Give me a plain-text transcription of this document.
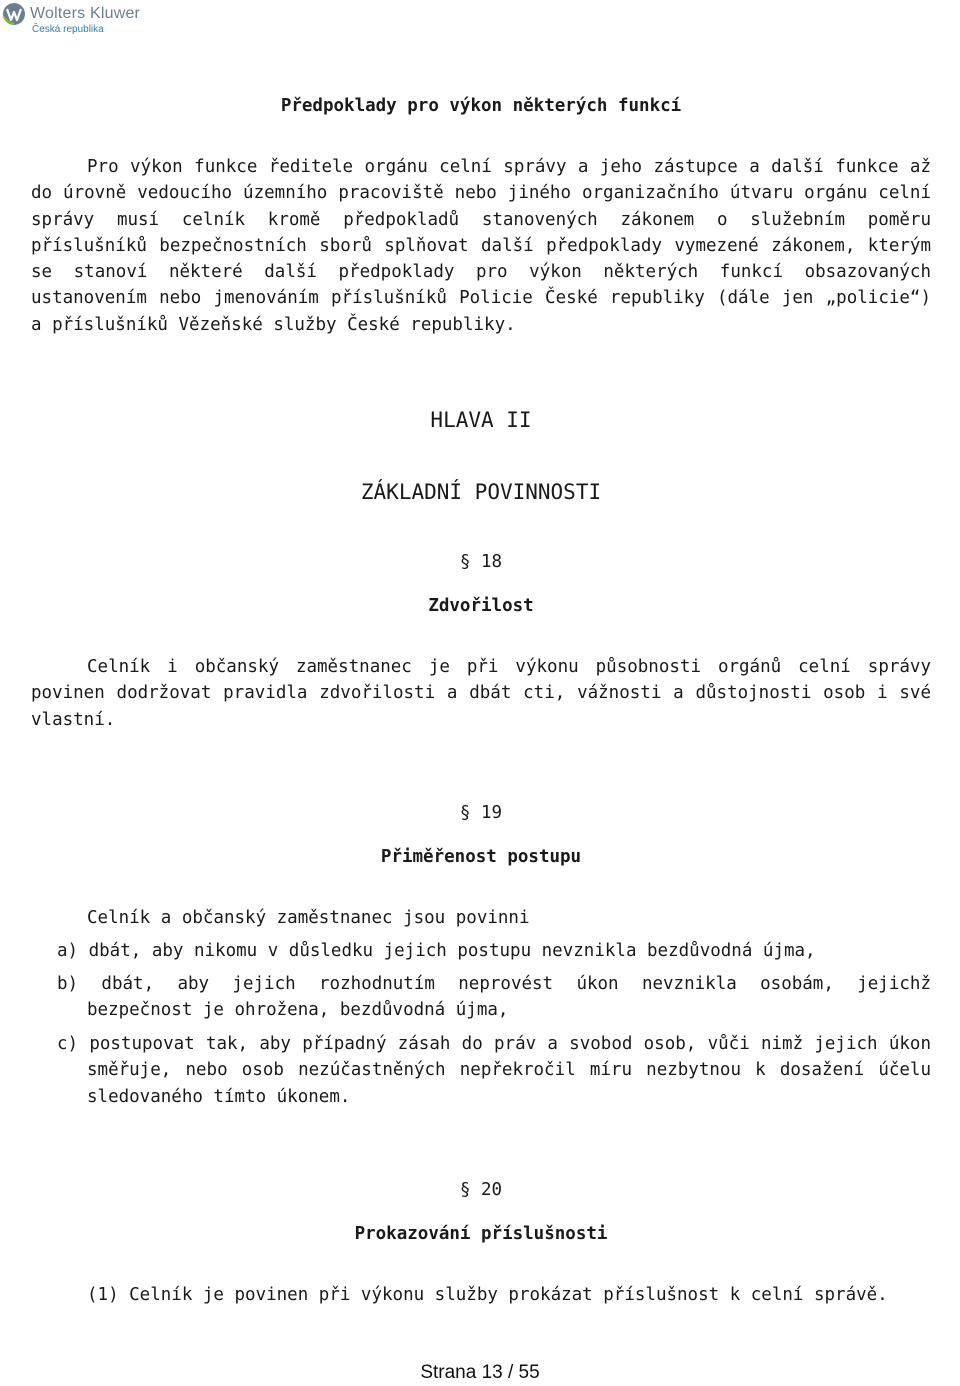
Wolters Kluwer
Česká republika
Předpoklady pro výkon některých funkcí
Pro výkon funkce ředitele orgánu celní správy a jeho zástupce a další funkce až do úrovně vedoucího územního pracoviště nebo jiného organizačního útvaru orgánu celní správy musí celník kromě předpokladů stanovených zákonem o služebním poměru příslušníků bezpečnostních sborů splňovat další předpoklady vymezené zákonem, kterým se stanoví některé další předpoklady pro výkon některých funkcí obsazovaných ustanovením nebo jmenováním příslušníků Policie České republiky (dále jen „policie“) a příslušníků Vězeňské služby České republiky.
HLAVA II
ZÁKLADNÍ POVINNOSTI
§ 18
Zdvořilost
Celník i občanský zaměstnanec je při výkonu působnosti orgánů celní správy povinen dodržovat pravidla zdvořilosti a dbát cti, vážnosti a důstojnosti osob i své vlastní.
§ 19
Přiměřenost postupu
Celník a občanský zaměstnanec jsou povinni
a) dbát, aby nikomu v důsledku jejich postupu nevznikla bezdůvodná újma,
b) dbát, aby jejich rozhodnutím neprovést úkon nevznikla osobám, jejichž bezpečnost je ohrožena, bezdůvodná újma,
c) postupovat tak, aby případný zásah do práv a svobod osob, vůči nimž jejich úkon směřuje, nebo osob nezúčastněných nepřekročil míru nezbytnou k dosažení účelu sledovaného tímto úkonem.
§ 20
Prokazování příslušnosti
(1) Celník je povinen při výkonu služby prokázat příslušnost k celní správě.
Strana 13 / 55
